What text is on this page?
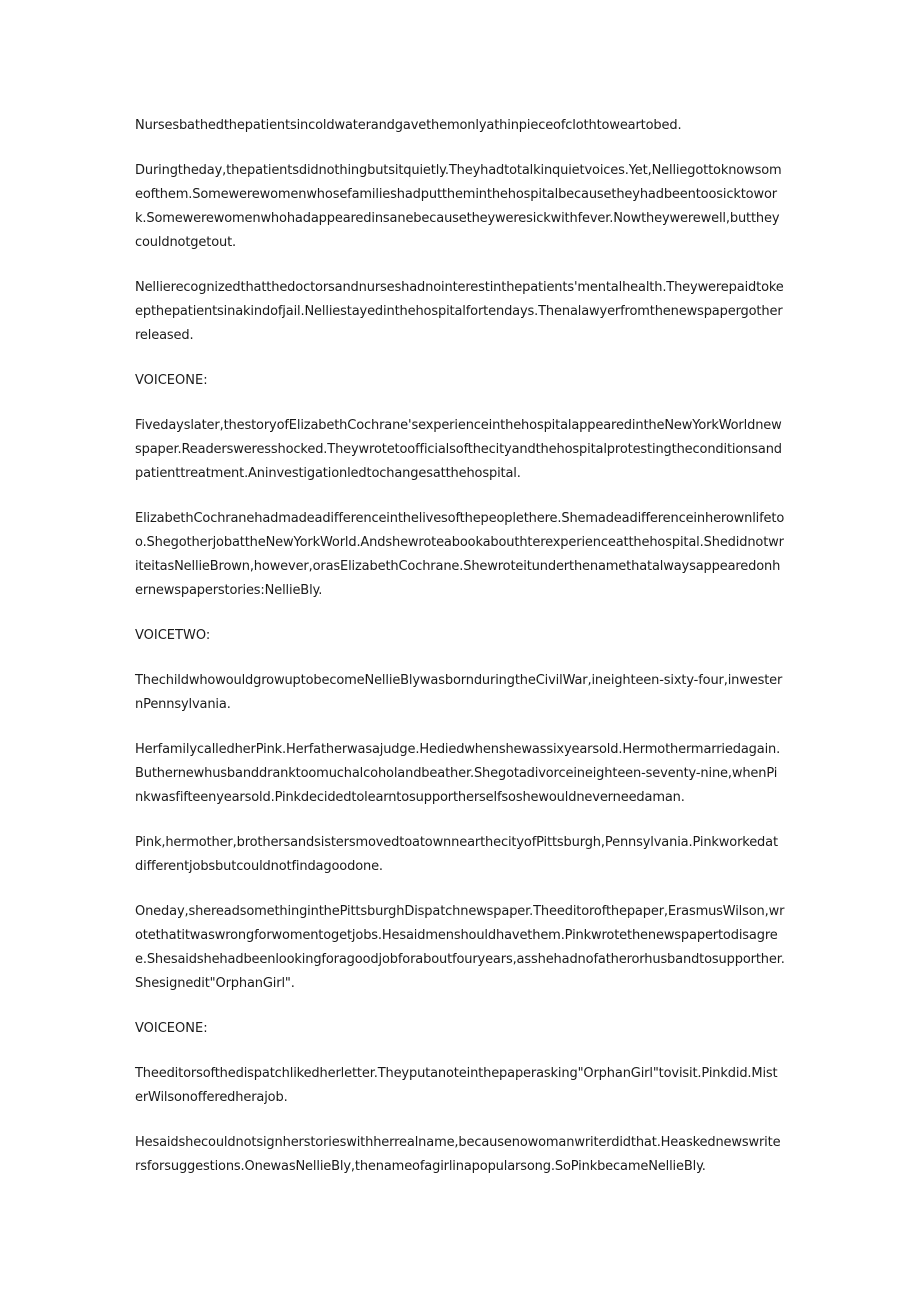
Nursesbathedthepatientsincoldwaterandgavethemonlyathinpieceofclothtoweartobed.

Duringtheday,thepatientsdidnothingbutsitquietly.Theyhadtotalkinquietvoices.Yet,Nelliegottoknowsomeofthem.Somewerewomenwhosefamilieshadputtheminthehospitalbecausetheyhadbeentoosicktowork.Somewerewomenwhohadappearedinsanebecausetheyweresickwithfever.Nowtheywerewell,buttheycouldnotgetout.

Nellierecognizedthatthedoctorsandnurseshadnointerestinthepatients'mentalhealth.Theywerepaidtokeepthepatientsinakindofjail.Nelliestayedinthehospitalfortendays.Thenalawyerfromthenewspapergotherreleased.

VOICEONE:

Fivedayslater,thestoryofElizabethCochrane'sexperienceinthehospitalappearedintheNewYorkWorldnewspaper.Readersweresshocked.Theywrotetoofficialsofthecityandthehospitalprotestingtheconditionsandpatienttreatment.Aninvestigationledtochangesatthehospital.

ElizabethCochranehadmadeadifferenceinthelivesofthepeoplethere.Shemadeadifferenceinherownlifetoo.ShegotherjobattheNewYorkWorld.Andshewroteabookabouthterexperienceatthehospital.ShedidnotwriteitasNellieBrown,however,orasElizabethCochrane.Shewroteitunderthenamethatalwaysappearedonhernewspaperstories:NellieBly.

VOICETWO:

ThechildwhowouldgrowuptobecomeNellieBlywasbornduringtheCivilWar,ineighteen-sixty-four,inwesternPennsylvania.

HerfamilycalledherPink.Herfatherwasajudge.Hediedwhenshewassixyearsold.Hermothermarriedagain.Buthernewhusbanddranktoomuchalcoholandbeather.Shegotadivorceineighteen-seventy-nine,whenPinkwasfifteenyearsold.Pinkdecidedtolearntosupportherselfsoshewouldneverneedaman.

Pink,hermother,brothersandsistersmovedtoatownnearthecityofPittsburgh,Pennsylvania.Pinkworkedatdifferentjobsbutcouldnotfindagoodone.

Oneday,shereadsomethinginthePittsburghDispatchnewspaper.Theeditorofthepaper,ErasmusWilson,wrotethatitwaswrongforwomentogetjobs.Hesaidmenshouldhavethem.Pinkwrotethenewspapertodisagree.Shesaidshehadbeenlookingforagoodjobforaboutfouryears,asshehadnofatherorhusbandtosupporther.Shesignedit"OrphanGirl".

VOICEONE:

Theeditorsofthedispatchlikedherletter.Theyputanoteinthepaperasking"OrphanGirl"tovisit.Pinkdid.MisterWilsonofferedherajob.

Hesaidshecouldnotsignherstorieswithherrealname,becausenowomanwriterdidthat.Heaskednewswritersforsuggestions.OnewasNellieBly,thenameofagirlinapopularsong.SoPinkbecameNellieBly.
